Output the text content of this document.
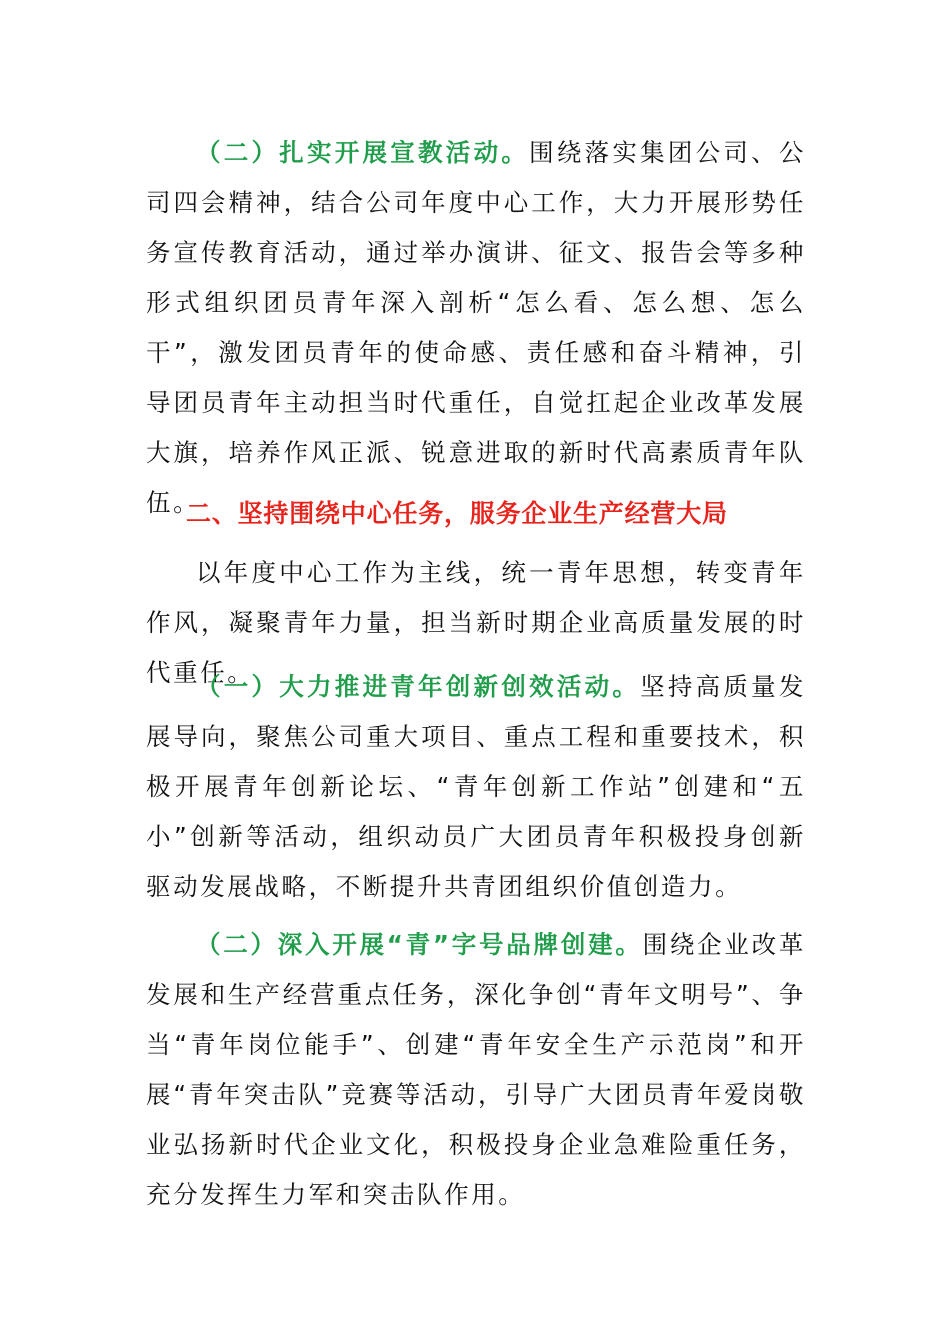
（二）扎实开展宣教活动。围绕落实集团公司、公司四会精神，结合公司年度中心工作，大力开展形势任务宣传教育活动，通过举办演讲、征文、报告会等多种形式组织团员青年深入剖析“怎么看、怎么想、怎么干”，激发团员青年的使命感、责任感和奋斗精神，引导团员青年主动担当时代重任，自觉扛起企业改革发展大旗，培养作风正派、锐意进取的新时代高素质青年队伍。

二、坚持围绕中心任务，服务企业生产经营大局

以年度中心工作为主线，统一青年思想，转变青年作风，凝聚青年力量，担当新时期企业高质量发展的时代重任。

（一）大力推进青年创新创效活动。坚持高质量发展导向，聚焦公司重大项目、重点工程和重要技术，积极开展青年创新论坛、“青年创新工作站”创建和“五小”创新等活动，组织动员广大团员青年积极投身创新驱动发展战略，不断提升共青团组织价值创造力。

（二）深入开展“青”字号品牌创建。围绕企业改革发展和生产经营重点任务，深化争创“青年文明号”、争当“青年岗位能手”、创建“青年安全生产示范岗”和开展“青年突击队”竞赛等活动，引导广大团员青年爱岗敬业弘扬新时代企业文化，积极投身企业急难险重任务，充分发挥生力军和突击队作用。
